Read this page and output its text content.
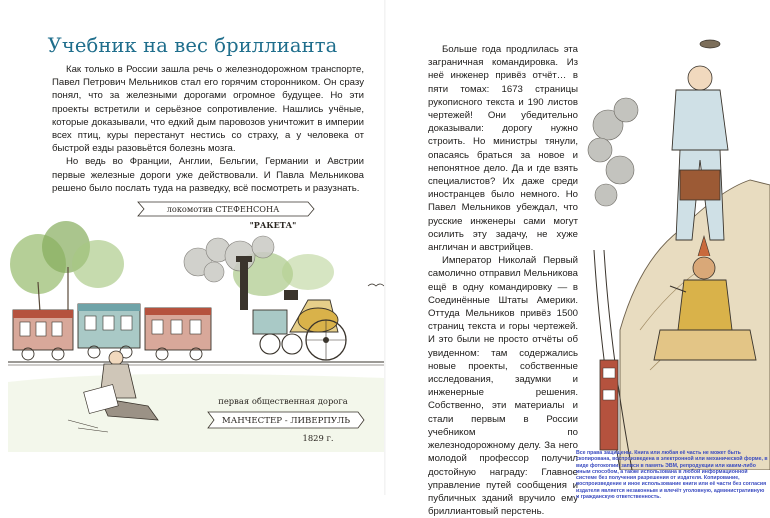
Учебник на вес бриллианта

Как только в России зашла речь о железнодорожном транспорте, Павел Петрович Мельников стал его горячим сторонником. Он сразу понял, что за железными дорогами огромное будущее. Но эти проекты встретили и серьёзное сопротивление. Нашлись учёные, которые доказывали, что едкий дым паровозов уничтожит в империи всех птиц, куры перестанут нестись со страху, а у человека от быстрой езды разовьётся болезнь мозга.

Но ведь во Франции, Англии, Бельгии, Германии и Австрии первые железные дороги уже действовали. И Павла Мельникова решено было послать туда на разведку, всё посмотреть и разузнать.

локомотив СТЕФЕНСОНА
"РАКЕТА"
первая общественная дорога
МАНЧЕСТЕР - ЛИВЕРПУЛЬ
1829 г.

Больше года продлилась эта заграничная командировка. Из неё инженер привёз отчёт… в пяти томах: 1673 страницы рукописного текста и 190 листов чертежей! Они убедительно доказывали: дорогу нужно строить. Но министры тянули, опасаясь браться за новое и непонятное дело. Да и где взять специалистов? Их даже среди иностранцев было немного. Но Павел Мельников убеждал, что русские инженеры сами могут осилить эту задачу, не хуже англичан и австрийцев.

Император Николай Первый самолично отправил Мельникова ещё в одну командировку — в Соединённые Штаты Америки. Оттуда Мельников привёз 1500 страниц текста и горы чертежей. И это были не просто отчёты об увиденном: там содержались новые проекты, собственные исследования, задумки и инженерные решения. Собственно, эти материалы и стали первым в России учебником по железнодорожному делу. За него молодой профессор получил достойную награду: Главное управление путей сообщения и публичных зданий вручило ему бриллиантовый перстень.

Все права защищены. Книга или любая её часть не может быть скопирована, воспроизведена в электронной или механической форме, в виде фотокопии, записи в память ЭВМ, репродукции или каким-либо иным способом, а также использована в любой информационной системе без получения разрешения от издателя. Копирование, воспроизведение и иное использование книги или её части без согласия издателя является незаконным и влечёт уголовную, административную и гражданскую ответственность.
